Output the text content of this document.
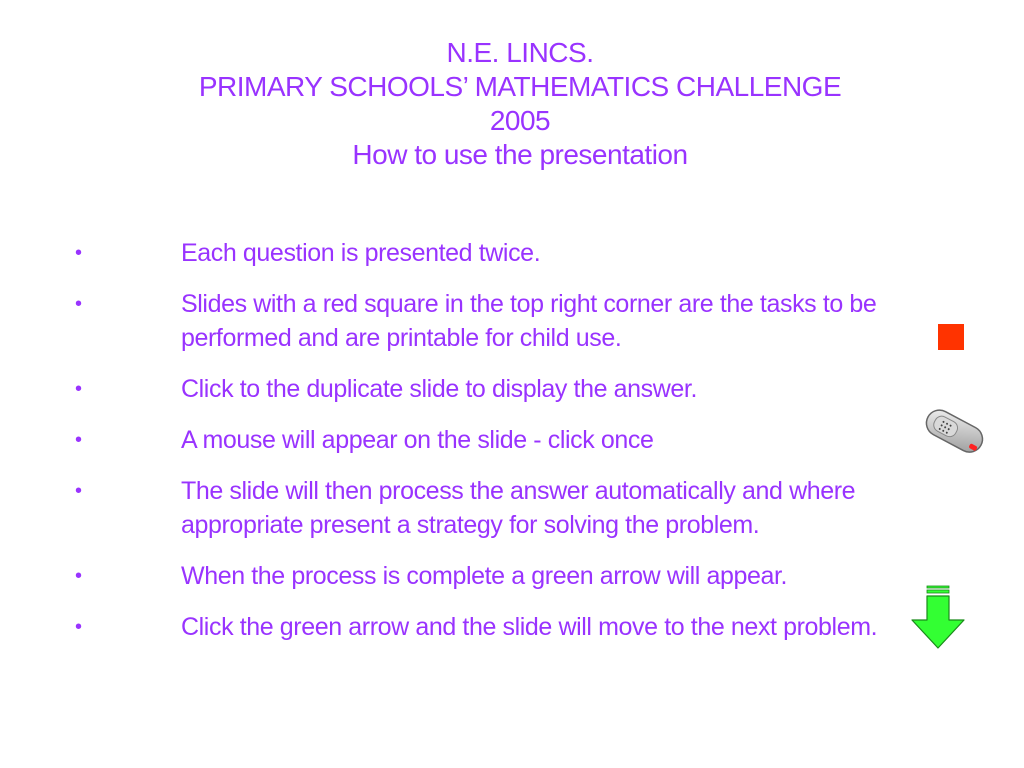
N.E. LINCS.
PRIMARY SCHOOLS’ MATHEMATICS CHALLENGE
2005
How to use the presentation
•	Each question is presented twice.
•	Slides with a red square in the top right corner are the tasks to be performed and are printable for child use.
•	Click to the duplicate slide to display the answer.
•	A mouse will appear on the slide - click once
•	The slide will then process the answer automatically and where appropriate present a strategy for solving the problem.
•	When the process is complete a green arrow will appear.
•	Click the green arrow and the slide will move to the next problem.
